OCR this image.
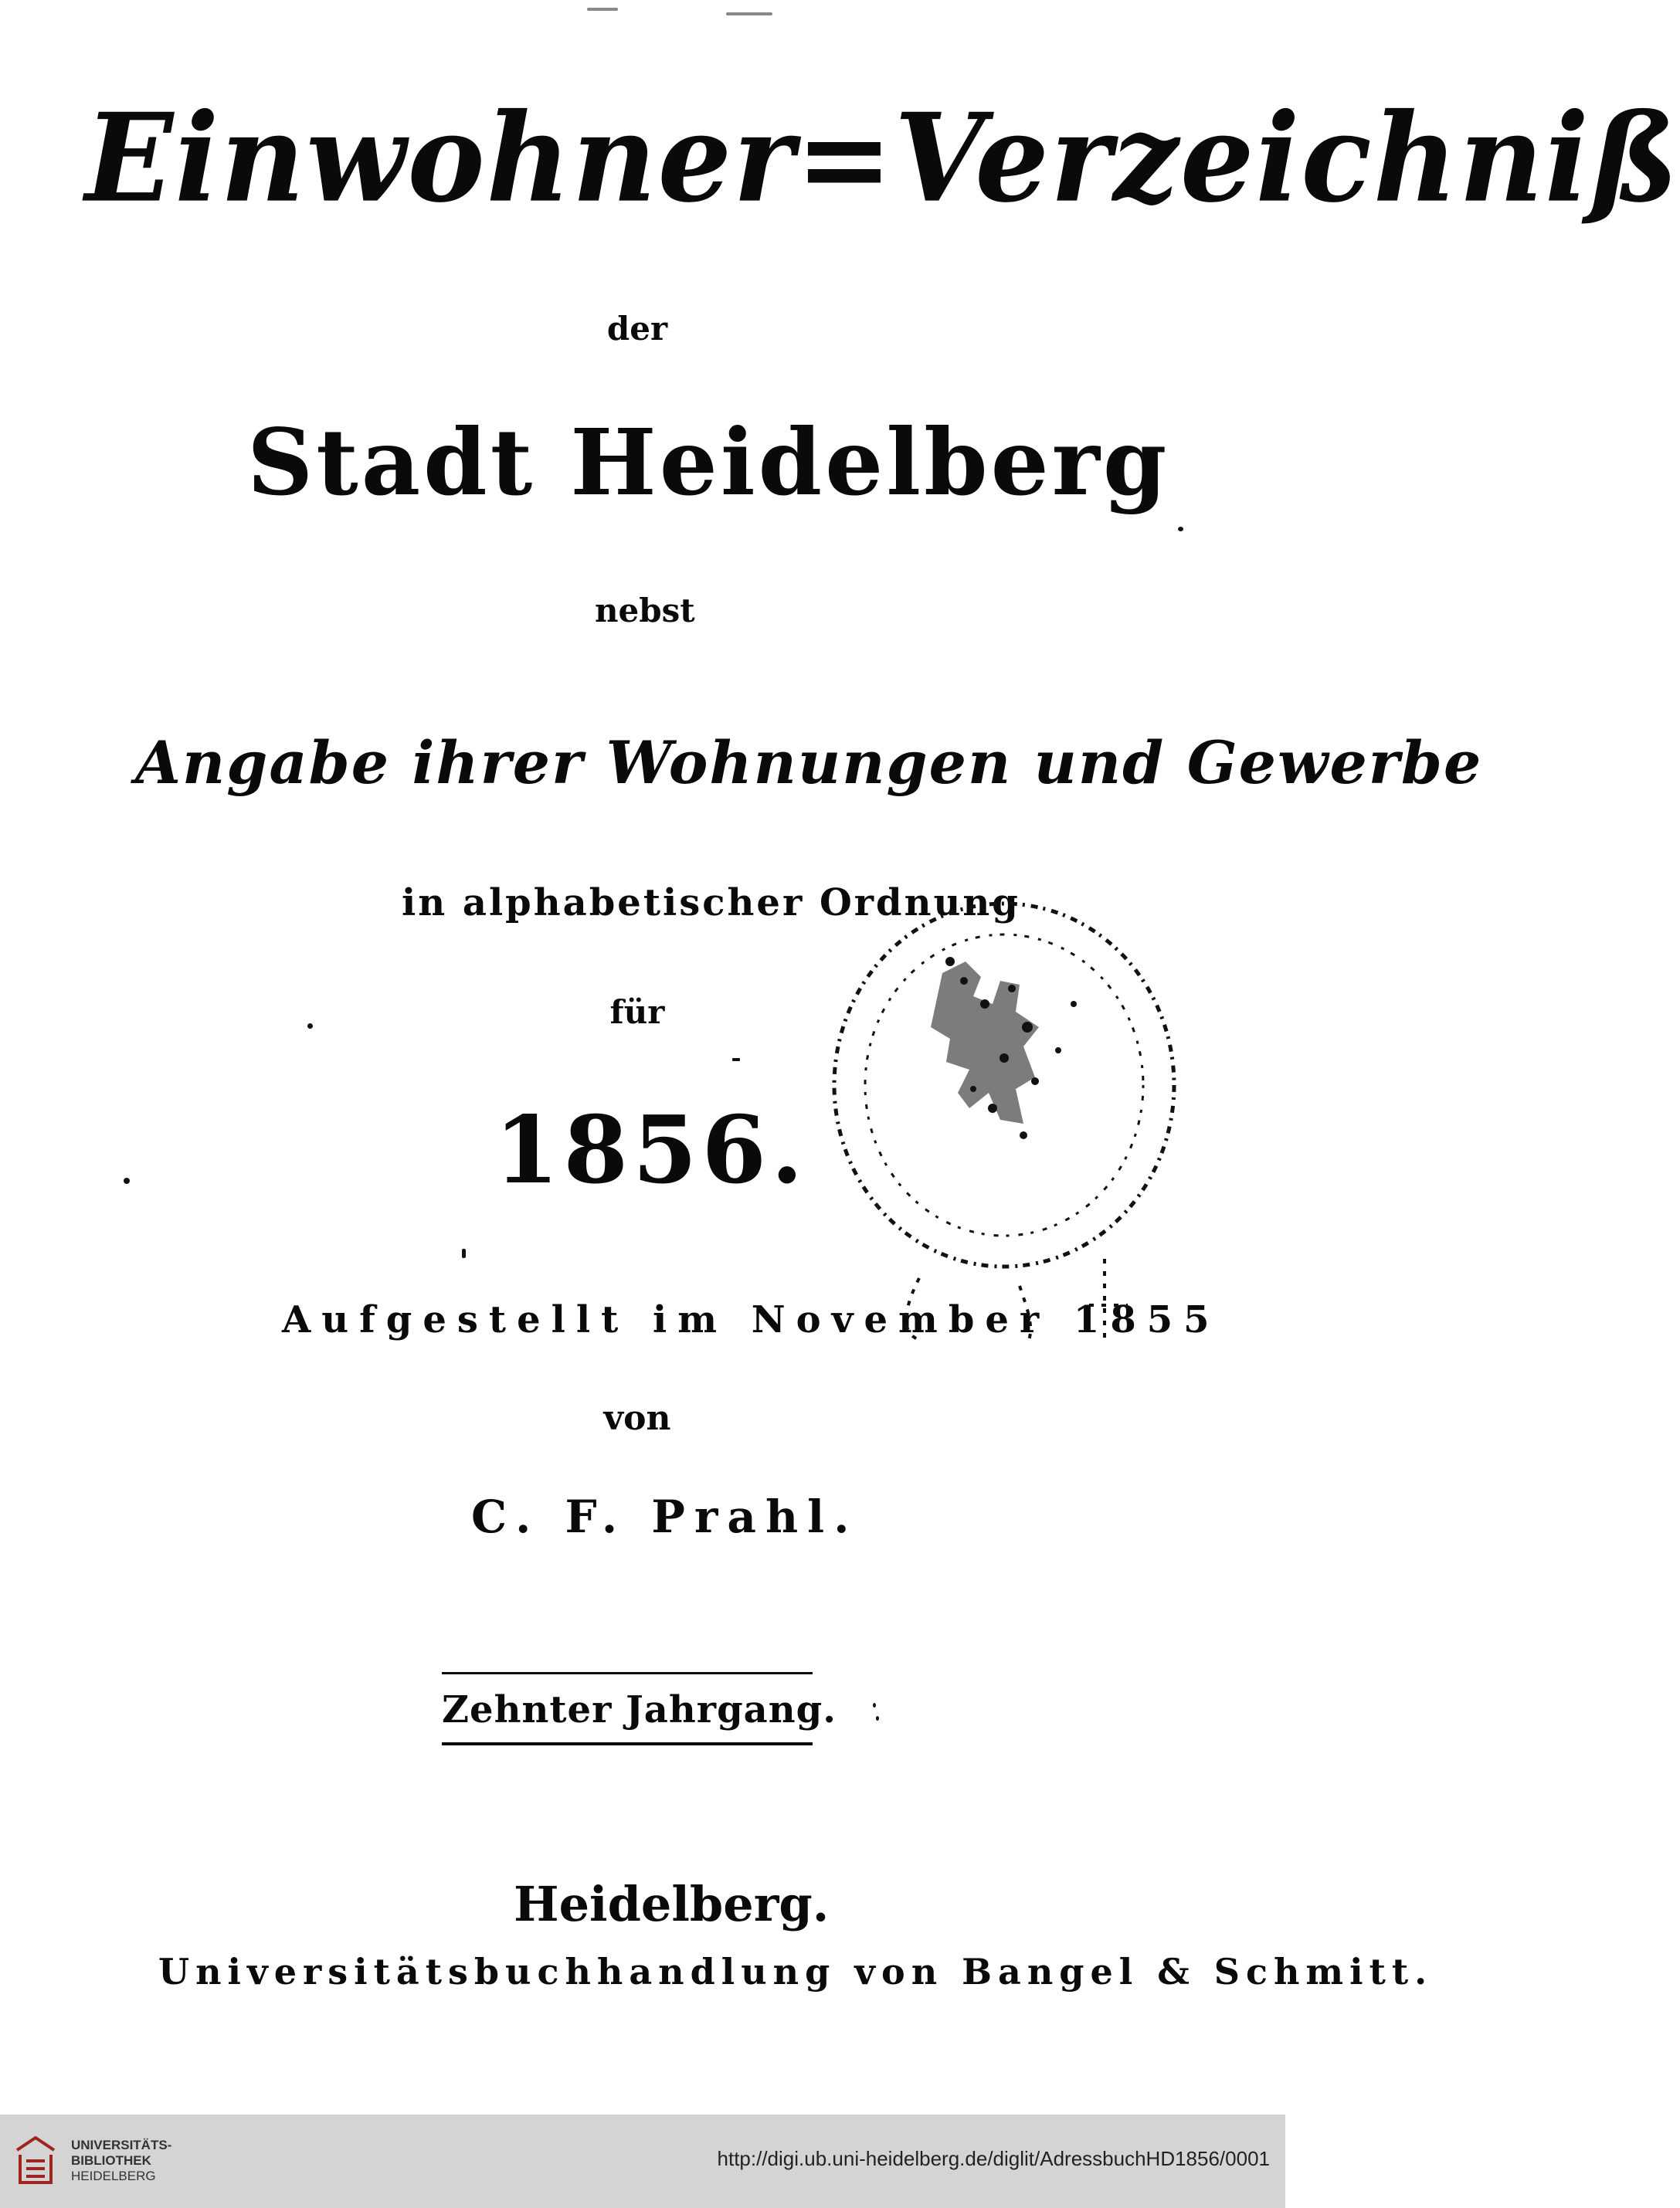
Einwohner=Verzeichniß
der
Stadt Heidelberg
nebst
Angabe ihrer Wohnungen und Gewerbe
in alphabetischer Ordnung
für
1856.
Aufgestellt im November 1855
von
C. F. Prahl.
Zehnter Jahrgang.
Heidelberg.
Universitätsbuchhandlung von Bangel & Schmitt.
UNIVERSITÄTS-
BIBLIOTHEK
HEIDELBERG
http://digi.ub.uni-heidelberg.de/diglit/AdressbuchHD1856/0001
